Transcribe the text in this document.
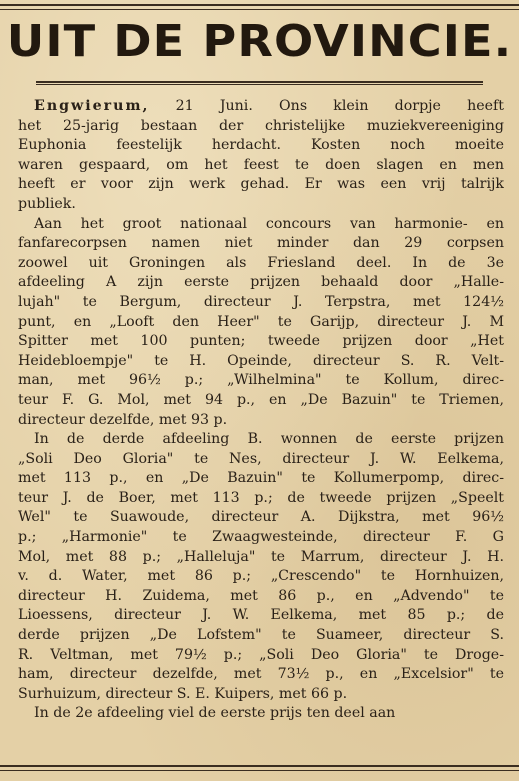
UIT DE PROVINCIE.
Engwierum, 21 Juni. Ons klein dorpje heeft
het 25-jarig bestaan der christelijke muziekvereeniging
Euphonia feestelijk herdacht. Kosten noch moeite
waren gespaard, om het feest te doen slagen en men
heeft er voor zijn werk gehad. Er was een vrij talrijk
publiek.
Aan het groot nationaal concours van harmonie- en
fanfarecorpsen namen niet minder dan 29 corpsen
zoowel uit Groningen als Friesland deel. In de 3e
afdeeling A zijn eerste prijzen behaald door „Halle-
lujah" te Bergum, directeur J. Terpstra, met 124½
punt, en „Looft den Heer" te Garijp, directeur J. M
Spitter met 100 punten; tweede prijzen door „Het
Heidebloempje" te H. Opeinde, directeur S. R. Velt-
man, met 96½ p.; „Wilhelmina" te Kollum, direc-
teur F. G. Mol, met 94 p., en „De Bazuin" te Triemen,
directeur dezelfde, met 93 p.
In de derde afdeeling B. wonnen de eerste prijzen
„Soli Deo Gloria" te Nes, directeur J. W. Eelkema,
met 113 p., en „De Bazuin" te Kollumerpomp, direc-
teur J. de Boer, met 113 p.; de tweede prijzen „Speelt
Wel" te Suawoude, directeur A. Dijkstra, met 96½
p.; „Harmonie" te Zwaagwesteinde, directeur F. G
Mol, met 88 p.; „Halleluja" te Marrum, directeur J. H.
v. d. Water, met 86 p.; „Crescendo" te Hornhuizen,
directeur H. Zuidema, met 86 p., en „Advendo" te
Lioessens, directeur J. W. Eelkema, met 85 p.; de
derde prijzen „De Lofstem" te Suameer, directeur S.
R. Veltman, met 79½ p.; „Soli Deo Gloria" te Droge-
ham, directeur dezelfde, met 73½ p., en „Excelsior" te
Surhuizum, directeur S. E. Kuipers, met 66 p.
In de 2e afdeeling viel de eerste prijs ten deel aan
